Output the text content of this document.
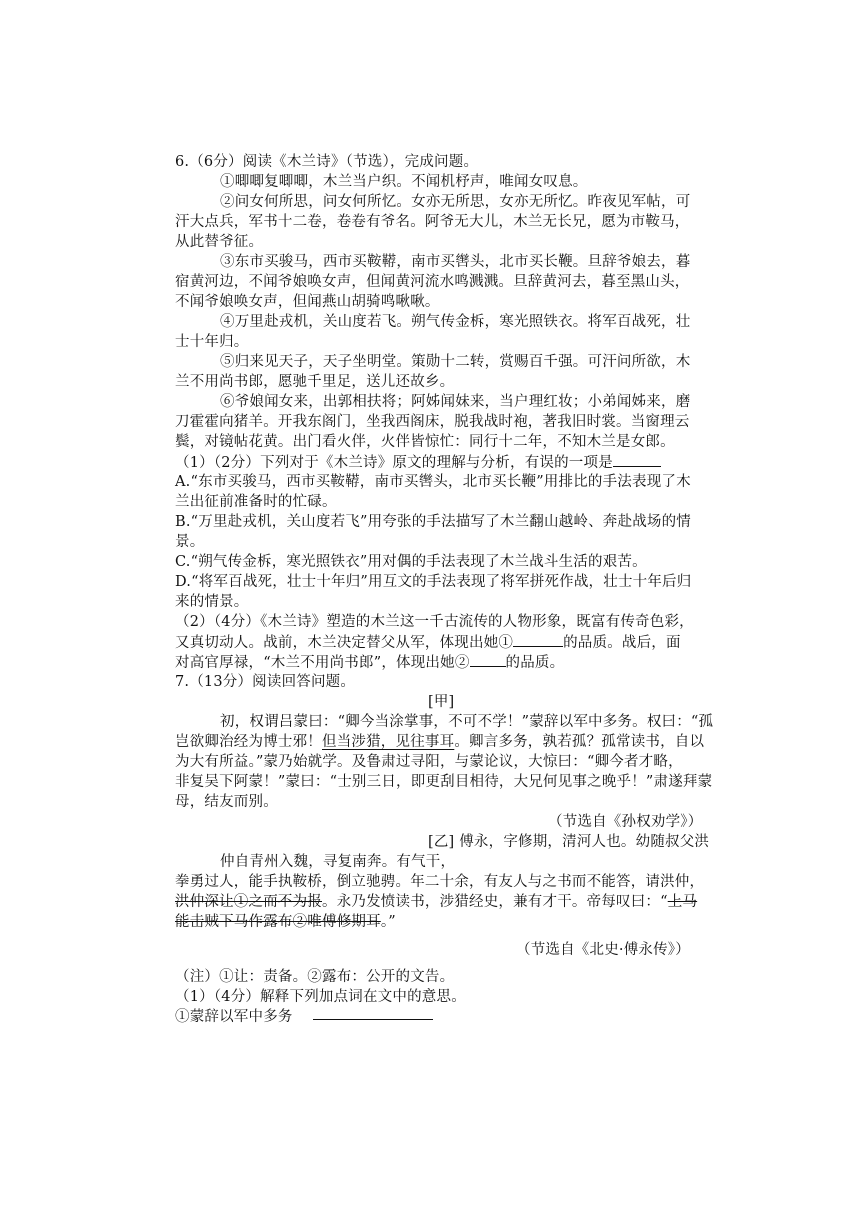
6.（6分）阅读《木兰诗》（节选），完成问题。
①唧唧复唧唧，木兰当户织。不闻机杼声，唯闻女叹息。
②问女何所思，问女何所忆。女亦无所思，女亦无所忆。昨夜见军帖，可
汗大点兵，军书十二卷，卷卷有爷名。阿爷无大儿，木兰无长兄，愿为市鞍马，
从此替爷征。
③东市买骏马，西市买鞍鞯，南市买辔头，北市买长鞭。旦辞爷娘去，暮
宿黄河边，不闻爷娘唤女声，但闻黄河流水鸣溅溅。旦辞黄河去，暮至黑山头，
不闻爷娘唤女声，但闻燕山胡骑鸣啾啾。
④万里赴戎机，关山度若飞。朔气传金柝，寒光照铁衣。将军百战死，壮
士十年归。
⑤归来见天子，天子坐明堂。策勋十二转，赏赐百千强。可汗问所欲，木
兰不用尚书郎，愿驰千里足，送儿还故乡。
⑥爷娘闻女来，出郭相扶将；阿姊闻妹来，当户理红妆；小弟闻姊来，磨
刀霍霍向猪羊。开我东阁门，坐我西阁床，脱我战时袍，著我旧时裳。当窗理云
鬓，对镜帖花黄。出门看火伴，火伴皆惊忙：同行十二年，不知木兰是女郎。
（1）（2分）下列对于《木兰诗》原文的理解与分析，有误的一项是
A.“东市买骏马，西市买鞍鞯，南市买辔头，北市买长鞭”用排比的手法表现了木
兰出征前准备时的忙碌。
B.“万里赴戎机，关山度若飞”用夸张的手法描写了木兰翻山越岭、奔赴战场的情
景。
C.“朔气传金柝，寒光照铁衣”用对偶的手法表现了木兰战斗生活的艰苦。
D.“将军百战死，壮士十年归”用互文的手法表现了将军拼死作战，壮士十年后归
来的情景。
（2）（4分）《木兰诗》塑造的木兰这一千古流传的人物形象，既富有传奇色彩，
又真切动人。战前，木兰决定替父从军，体现出她①	的品质。战后，面
对高官厚禄，“木兰不用尚书郎”，体现出她② 的品质。
7.（13分）阅读回答问题。
[甲]
初，权谓吕蒙曰：“卿今当涂掌事，不可不学！”蒙辞以军中多务。权曰：“孤
岂欲卿治经为博士邪！但当涉猎，见往事耳。卿言多务，孰若孤？孤常读书，自以
为大有所益。”蒙乃始就学。及鲁肃过寻阳，与蒙论议，大惊曰：“卿今者才略，
非复吴下阿蒙！”蒙曰：“士别三日，即更刮目相待，大兄何见事之晚乎！”肃遂拜蒙
母，结友而别。
（节选自《孙权劝学》）
[乙] 傅永，字修期，清河人也。幼随叔父洪
仲自青州入魏，寻复南奔。有气干，
拳勇过人，能手执鞍桥，倒立驰骋。年二十余，有友人与之书而不能答，请洪仲，
洪仲深让①之而不为报。永乃发愤读书，涉猎经史，兼有才干。帝每叹曰：“上马
能击贼下马作露布②唯傅修期耳。”
（节选自《北史·傅永传》）
（注）①让：责备。②露布：公开的文告。
（1）（4分）解释下列加点词在文中的意思。
①蒙辞以军中多务
